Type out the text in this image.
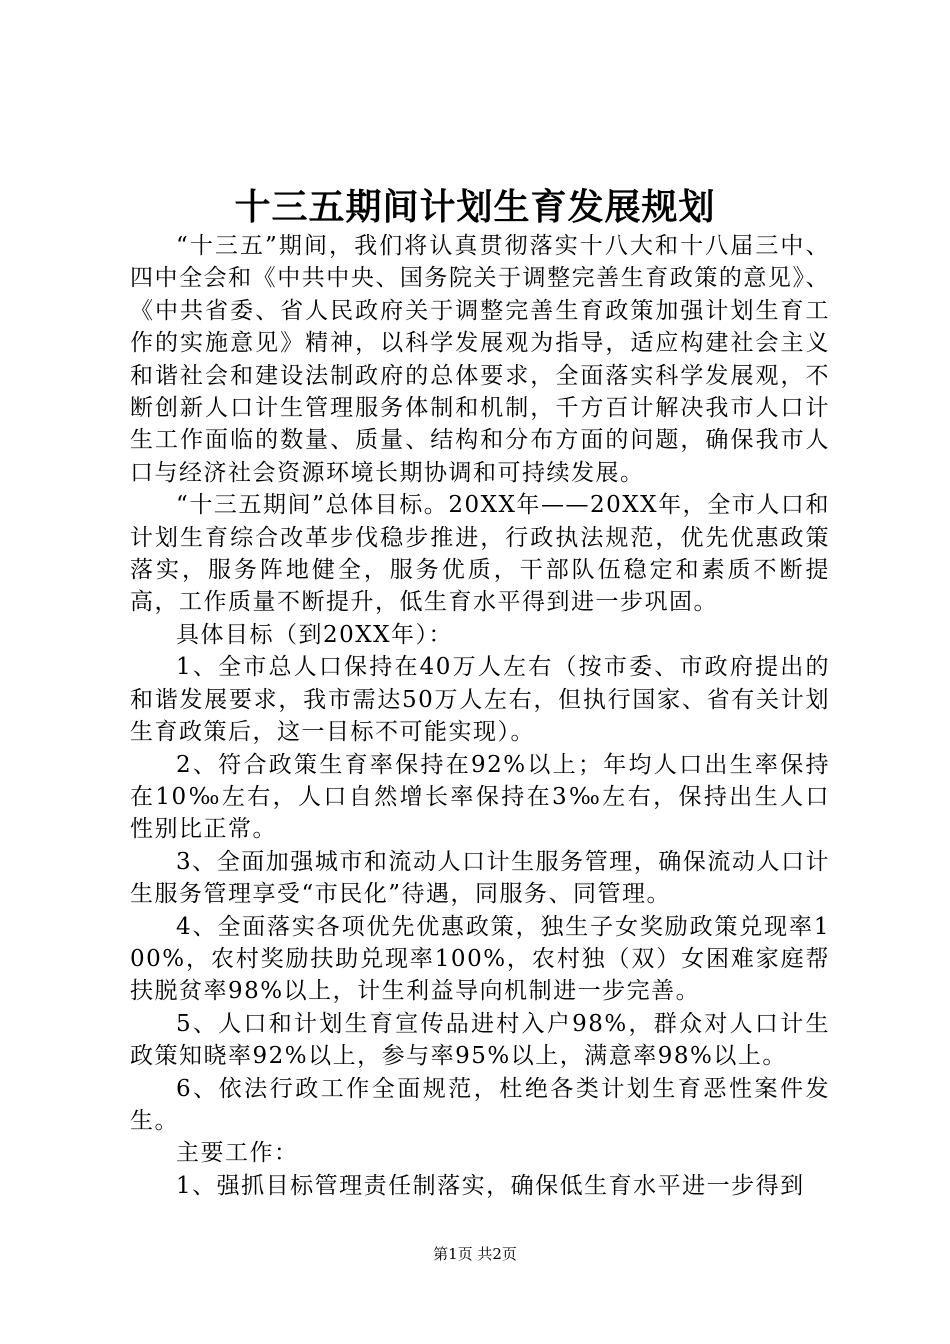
十三五期间计划生育发展规划

“十三五”期间，我们将认真贯彻落实十八大和十八届三中、四中全会和《中共中央、国务院关于调整完善生育政策的意见》、《中共省委、省人民政府关于调整完善生育政策加强计划生育工作的实施意见》精神，以科学发展观为指导，适应构建社会主义和谐社会和建设法制政府的总体要求，全面落实科学发展观，不断创新人口计生管理服务体制和机制，千方百计解决我市人口计生工作面临的数量、质量、结构和分布方面的问题，确保我市人口与经济社会资源环境长期协调和可持续发展。

“十三五期间”总体目标。20XX年——20XX年，全市人口和计划生育综合改革步伐稳步推进，行政执法规范，优先优惠政策落实，服务阵地健全，服务优质，干部队伍稳定和素质不断提高，工作质量不断提升，低生育水平得到进一步巩固。

具体目标（到20XX年）：

1、全市总人口保持在40万人左右（按市委、市政府提出的和谐发展要求，我市需达50万人左右，但执行国家、省有关计划生育政策后，这一目标不可能实现）。

2、符合政策生育率保持在92%以上；年均人口出生率保持在10‰左右，人口自然增长率保持在3‰左右，保持出生人口性别比正常。

3、全面加强城市和流动人口计生服务管理，确保流动人口计生服务管理享受“市民化”待遇，同服务、同管理。

4、全面落实各项优先优惠政策，独生子女奖励政策兑现率100%，农村奖励扶助兑现率100%，农村独（双）女困难家庭帮扶脱贫率98%以上，计生利益导向机制进一步完善。

5、人口和计划生育宣传品进村入户98%，群众对人口计生政策知晓率92%以上，参与率95%以上，满意率98%以上。

6、依法行政工作全面规范，杜绝各类计划生育恶性案件发生。

主要工作：

1、强抓目标管理责任制落实，确保低生育水平进一步得到

第1页 共2页
